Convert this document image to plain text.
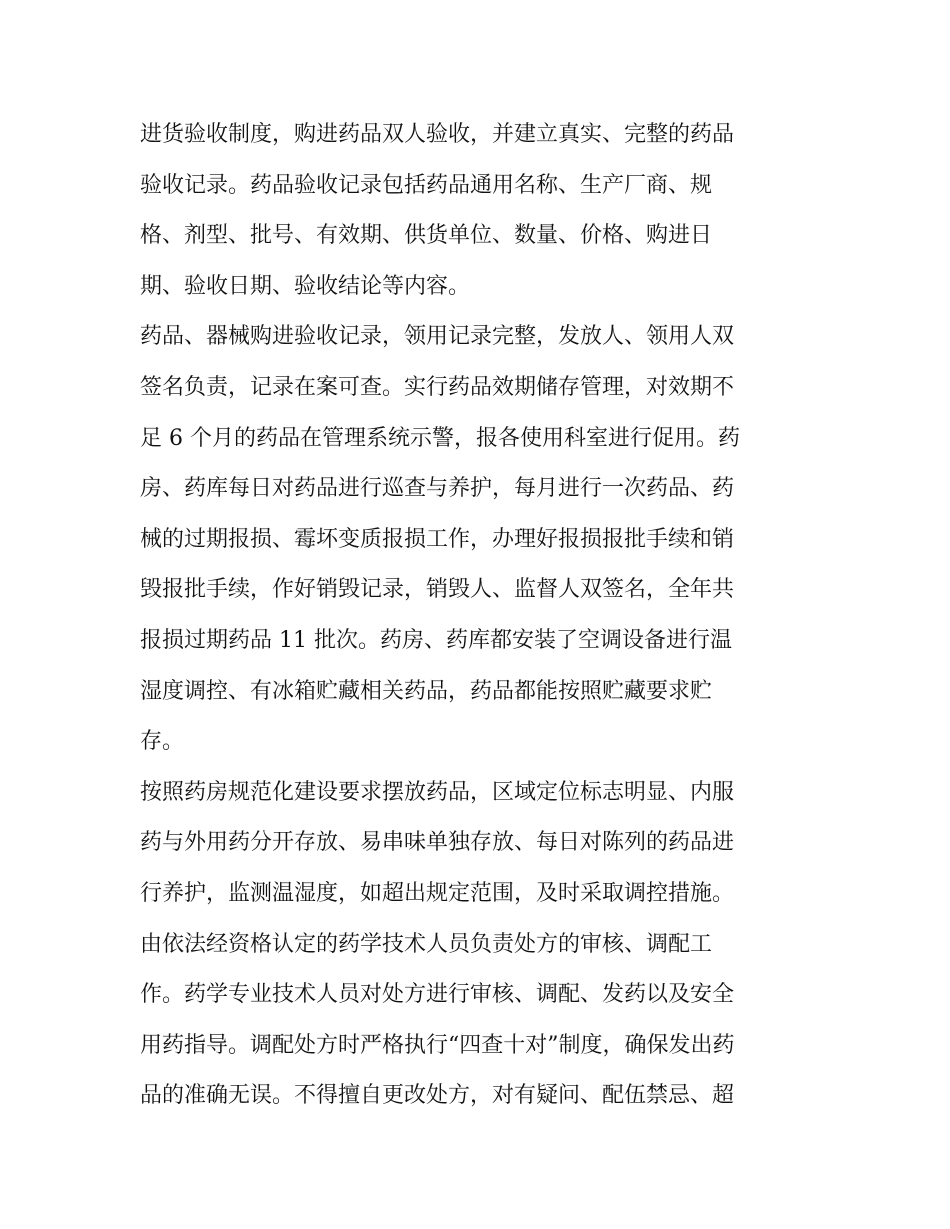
进货验收制度，购进药品双人验收，并建立真实、完整的药品
验收记录。药品验收记录包括药品通用名称、生产厂商、规
格、剂型、批号、有效期、供货单位、数量、价格、购进日
期、验收日期、验收结论等内容。
药品、器械购进验收记录，领用记录完整，发放人、领用人双
签名负责，记录在案可查。实行药品效期储存管理，对效期不
足 6 个月的药品在管理系统示警，报各使用科室进行促用。药
房、药库每日对药品进行巡查与养护，每月进行一次药品、药
械的过期报损、霉坏变质报损工作，办理好报损报批手续和销
毁报批手续，作好销毁记录，销毁人、监督人双签名，全年共
报损过期药品 11 批次。药房、药库都安装了空调设备进行温
湿度调控、有冰箱贮藏相关药品，药品都能按照贮藏要求贮
存。
按照药房规范化建设要求摆放药品，区域定位标志明显、内服
药与外用药分开存放、易串味单独存放、每日对陈列的药品进
行养护，监测温湿度，如超出规定范围，及时采取调控措施。
由依法经资格认定的药学技术人员负责处方的审核、调配工
作。药学专业技术人员对处方进行审核、调配、发药以及安全
用药指导。调配处方时严格执行“四查十对”制度，确保发出药
品的准确无误。不得擅自更改处方，对有疑问、配伍禁忌、超
